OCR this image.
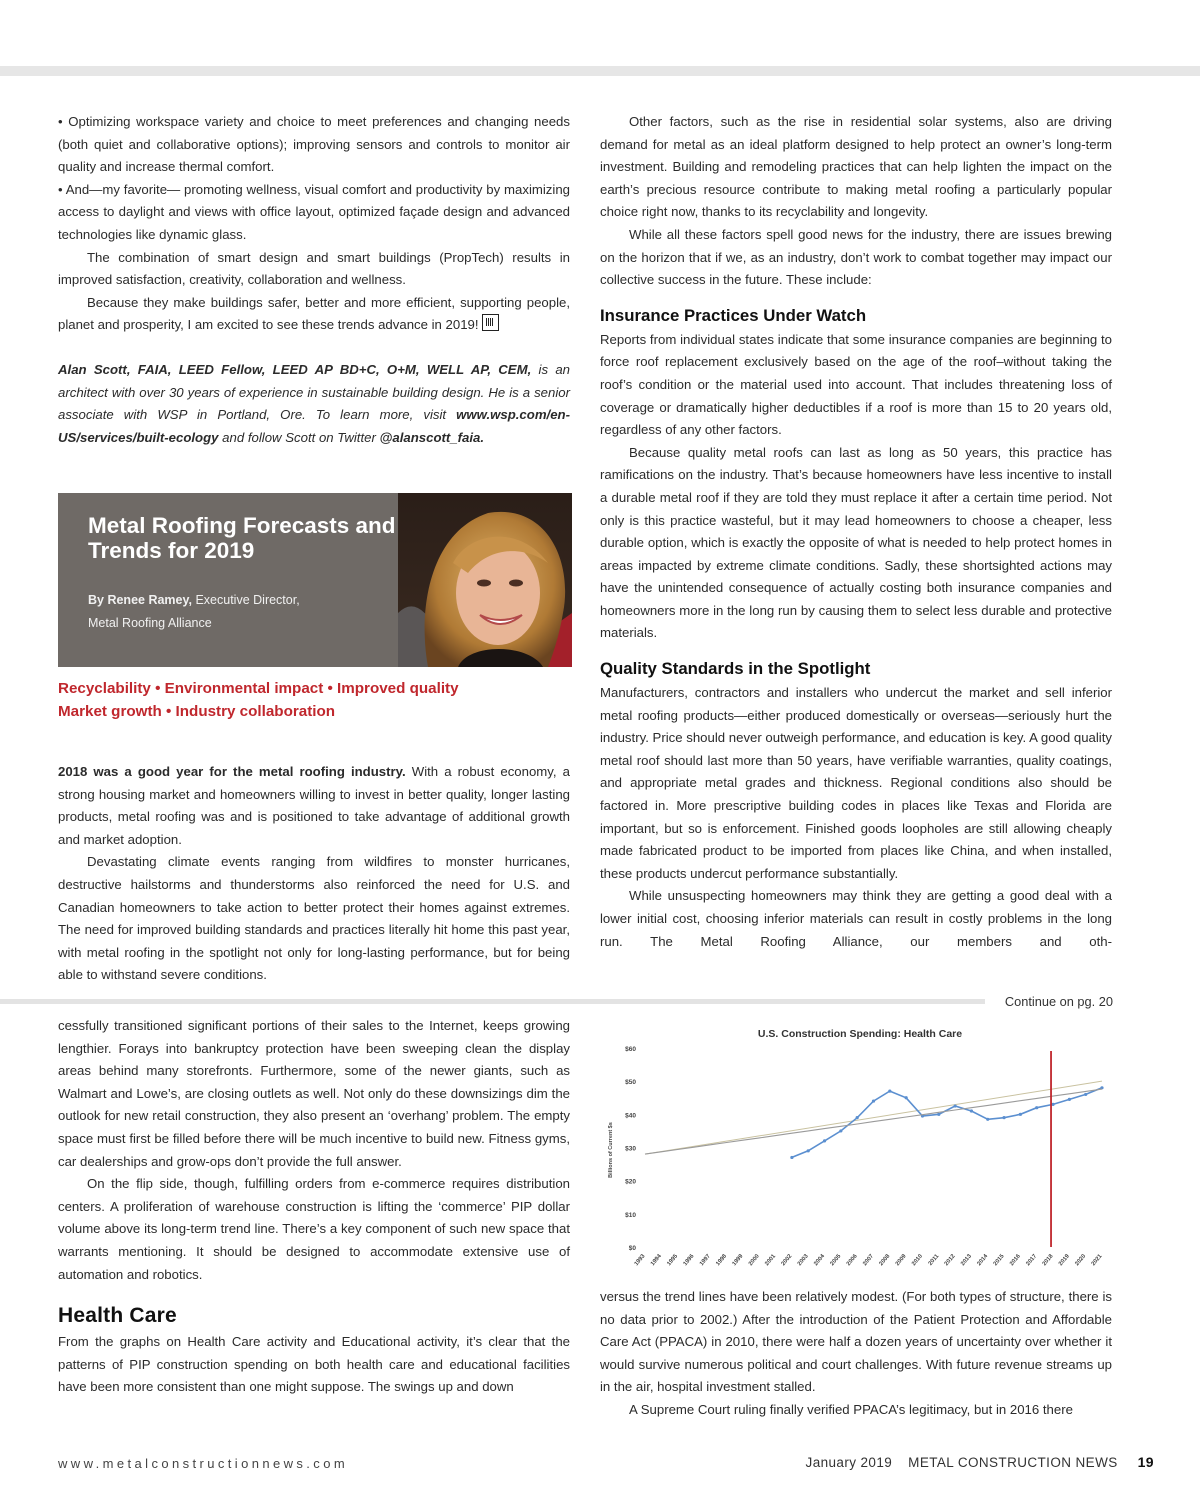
• Optimizing workspace variety and choice to meet preferences and changing needs (both quiet and collaborative options); improving sensors and controls to monitor air quality and increase thermal comfort.

• And—my favorite— promoting wellness, visual comfort and productivity by maximizing access to daylight and views with office layout, optimized façade design and advanced technologies like dynamic glass.

The combination of smart design and smart buildings (PropTech) results in improved satisfaction, creativity, collaboration and wellness.

Because they make buildings safer, better and more efficient, supporting people, planet and prosperity, I am excited to see these trends advance in 2019!

Alan Scott, FAIA, LEED Fellow, LEED AP BD+C, O+M, WELL AP, CEM, is an architect with over 30 years of experience in sustainable building design. He is a senior associate with WSP in Portland, Ore. To learn more, visit www.wsp.com/en-US/services/built-ecology and follow Scott on Twitter @alanscott_faia.

Metal Roofing Forecasts and Trends for 2019
By Renee Ramey, Executive Director,
Metal Roofing Alliance
Recyclability • Environmental impact • Improved quality
Market growth • Industry collaboration

2018 was a good year for the metal roofing industry. With a robust economy, a strong housing market and homeowners willing to invest in better quality, longer lasting products, metal roofing was and is positioned to take advantage of additional growth and market adoption.

Devastating climate events ranging from wildfires to monster hurricanes, destructive hailstorms and thunderstorms also reinforced the need for U.S. and Canadian homeowners to take action to better protect their homes against extremes. The need for improved building standards and practices literally hit home this past year, with metal roofing in the spotlight not only for long-lasting performance, but for being able to withstand severe conditions.

Other factors, such as the rise in residential solar systems, also are driving demand for metal as an ideal platform designed to help protect an owner’s long-term investment. Building and remodeling practices that can help lighten the impact on the earth’s precious resource contribute to making metal roofing a particularly popular choice right now, thanks to its recyclability and longevity.

While all these factors spell good news for the industry, there are issues brewing on the horizon that if we, as an industry, don’t work to combat together may impact our collective success in the future. These include:

Insurance Practices Under Watch

Reports from individual states indicate that some insurance companies are beginning to force roof replacement exclusively based on the age of the roof–without taking the roof’s condition or the material used into account. That includes threatening loss of coverage or dramatically higher deductibles if a roof is more than 15 to 20 years old, regardless of any other factors.

Because quality metal roofs can last as long as 50 years, this practice has ramifications on the industry. That’s because homeowners have less incentive to install a durable metal roof if they are told they must replace it after a certain time period. Not only is this practice wasteful, but it may lead homeowners to choose a cheaper, less durable option, which is exactly the opposite of what is needed to help protect homes in areas impacted by extreme climate conditions. Sadly, these shortsighted actions may have the unintended consequence of actually costing both insurance companies and homeowners more in the long run by causing them to select less durable and protective materials.

Quality Standards in the Spotlight

Manufacturers, contractors and installers who undercut the market and sell inferior metal roofing products—either produced domestically or overseas—seriously hurt the industry. Price should never outweigh performance, and education is key. A good quality metal roof should last more than 50 years, have verifiable warranties, quality coatings, and appropriate metal grades and thickness. Regional conditions also should be factored in. More prescriptive building codes in places like Texas and Florida are important, but so is enforcement. Finished goods loopholes are still allowing cheaply made fabricated product to be imported from places like China, and when installed, these products undercut performance substantially.

While unsuspecting homeowners may think they are getting a good deal with a lower initial cost, choosing inferior materials can result in costly problems in the long run. The Metal Roofing Alliance, our members and oth-

Continue on pg. 20

cessfully transitioned significant portions of their sales to the Internet, keeps growing lengthier. Forays into bankruptcy protection have been sweeping clean the display areas behind many storefronts. Furthermore, some of the newer giants, such as Walmart and Lowe’s, are closing outlets as well. Not only do these downsizings dim the outlook for new retail construction, they also present an ‘overhang’ problem. The empty space must first be filled before there will be much incentive to build new. Fitness gyms, car dealerships and grow-ops don’t provide the full answer.

On the flip side, though, fulfilling orders from e-commerce requires distribution centers. A proliferation of warehouse construction is lifting the ‘commerce’ PIP dollar volume above its long-term trend line. There’s a key component of such new space that warrants mentioning. It should be designed to accommodate extensive use of automation and robotics.

Health Care

From the graphs on Health Care activity and Educational activity, it’s clear that the patterns of PIP construction spending on both health care and educational facilities have been more consistent than one might suppose. The swings up and down

U.S. Construction Spending: Health Care
Billions of Current $s
$0
$10
$20
$30
$40
$50
$60
1993 1994 1995 1996 1997 1998 1999 2000 2001 2002 2003 2004 2005 2006 2007 2008 2009 2010 2011 2012 2013 2014 2015 2016 2017 2018 2019 2020 2021

versus the trend lines have been relatively modest. (For both types of structure, there is no data prior to 2002.) After the introduction of the Patient Protection and Affordable Care Act (PPACA) in 2010, there were half a dozen years of uncertainty over whether it would survive numerous political and court challenges. With future revenue streams up in the air, hospital investment stalled.

A Supreme Court ruling finally verified PPACA’s legitimacy, but in 2016 there

www.metalconstructionnews.com	January 2019 METAL CONSTRUCTION NEWS 19
